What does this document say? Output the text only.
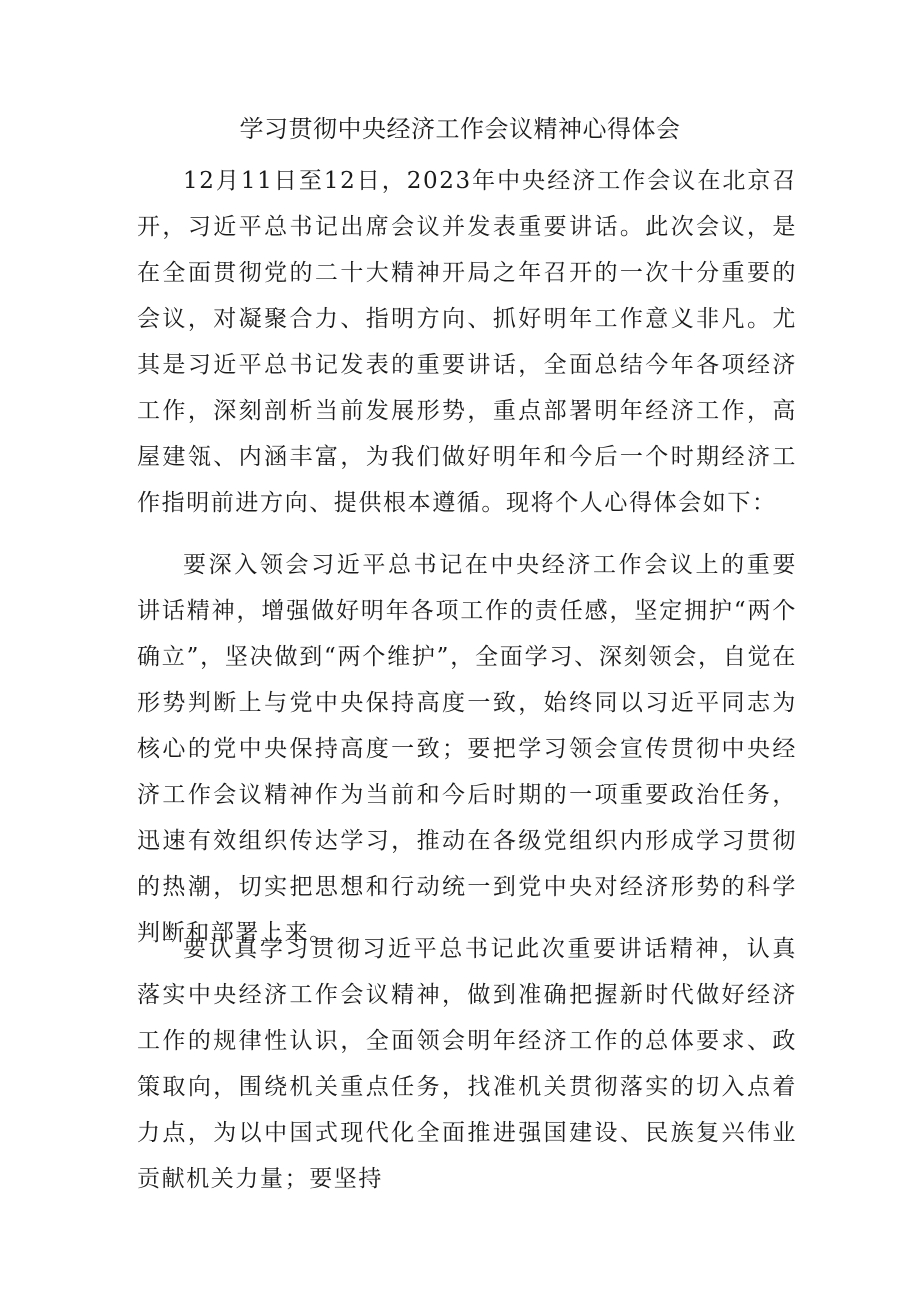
学习贯彻中央经济工作会议精神心得体会

12月11日至12日，2023年中央经济工作会议在北京召开，习近平总书记出席会议并发表重要讲话。此次会议，是在全面贯彻党的二十大精神开局之年召开的一次十分重要的会议，对凝聚合力、指明方向、抓好明年工作意义非凡。尤其是习近平总书记发表的重要讲话，全面总结今年各项经济工作，深刻剖析当前发展形势，重点部署明年经济工作，高屋建瓴、内涵丰富，为我们做好明年和今后一个时期经济工作指明前进方向、提供根本遵循。现将个人心得体会如下：

要深入领会习近平总书记在中央经济工作会议上的重要讲话精神，增强做好明年各项工作的责任感，坚定拥护“两个确立”，坚决做到“两个维护”，全面学习、深刻领会，自觉在形势判断上与党中央保持高度一致，始终同以习近平同志为核心的党中央保持高度一致；要把学习领会宣传贯彻中央经济工作会议精神作为当前和今后时期的一项重要政治任务，迅速有效组织传达学习，推动在各级党组织内形成学习贯彻的热潮，切实把思想和行动统一到党中央对经济形势的科学判断和部署上来。

要认真学习贯彻习近平总书记此次重要讲话精神，认真落实中央经济工作会议精神，做到准确把握新时代做好经济工作的规律性认识，全面领会明年经济工作的总体要求、政策取向，围绕机关重点任务，找准机关贯彻落实的切入点着力点，为以中国式现代化全面推进强国建设、民族复兴伟业贡献机关力量；要坚持
